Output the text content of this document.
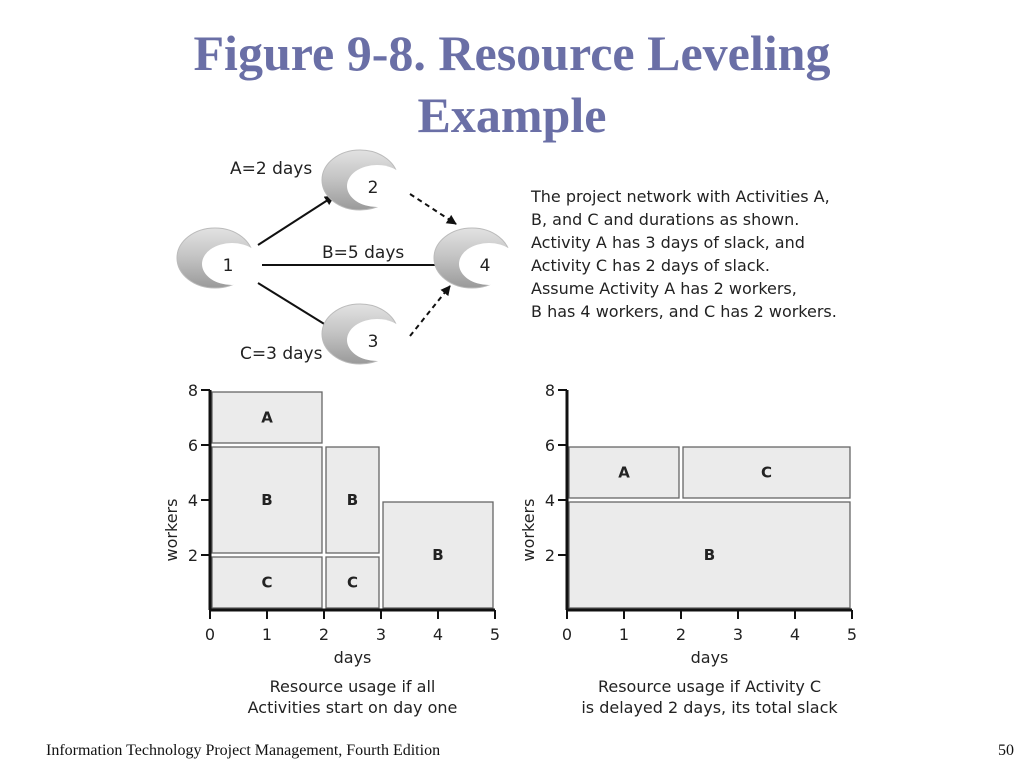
Figure 9-8. Resource Leveling
Example
1
2
3
4
A=2 days
B=5 days
C=3 days
The project network with Activities A,
B, and C and durations as shown.
Activity A has 3 days of slack, and
Activity C has 2 days of slack.
Assume Activity A has 2 workers,
B has 4 workers, and C has 2 workers.
C
B
A
C
B
B
0	1	2	3	4	5
2
4
6
8
workers
days
Resource usage if all
Activities start on day one
B
A	C
0	1	2	3	4	5
2
4
6
8
workers
days
Resource usage if Activity C
is delayed 2 days, its total slack
Information Technology Project Management, Fourth Edition	50
